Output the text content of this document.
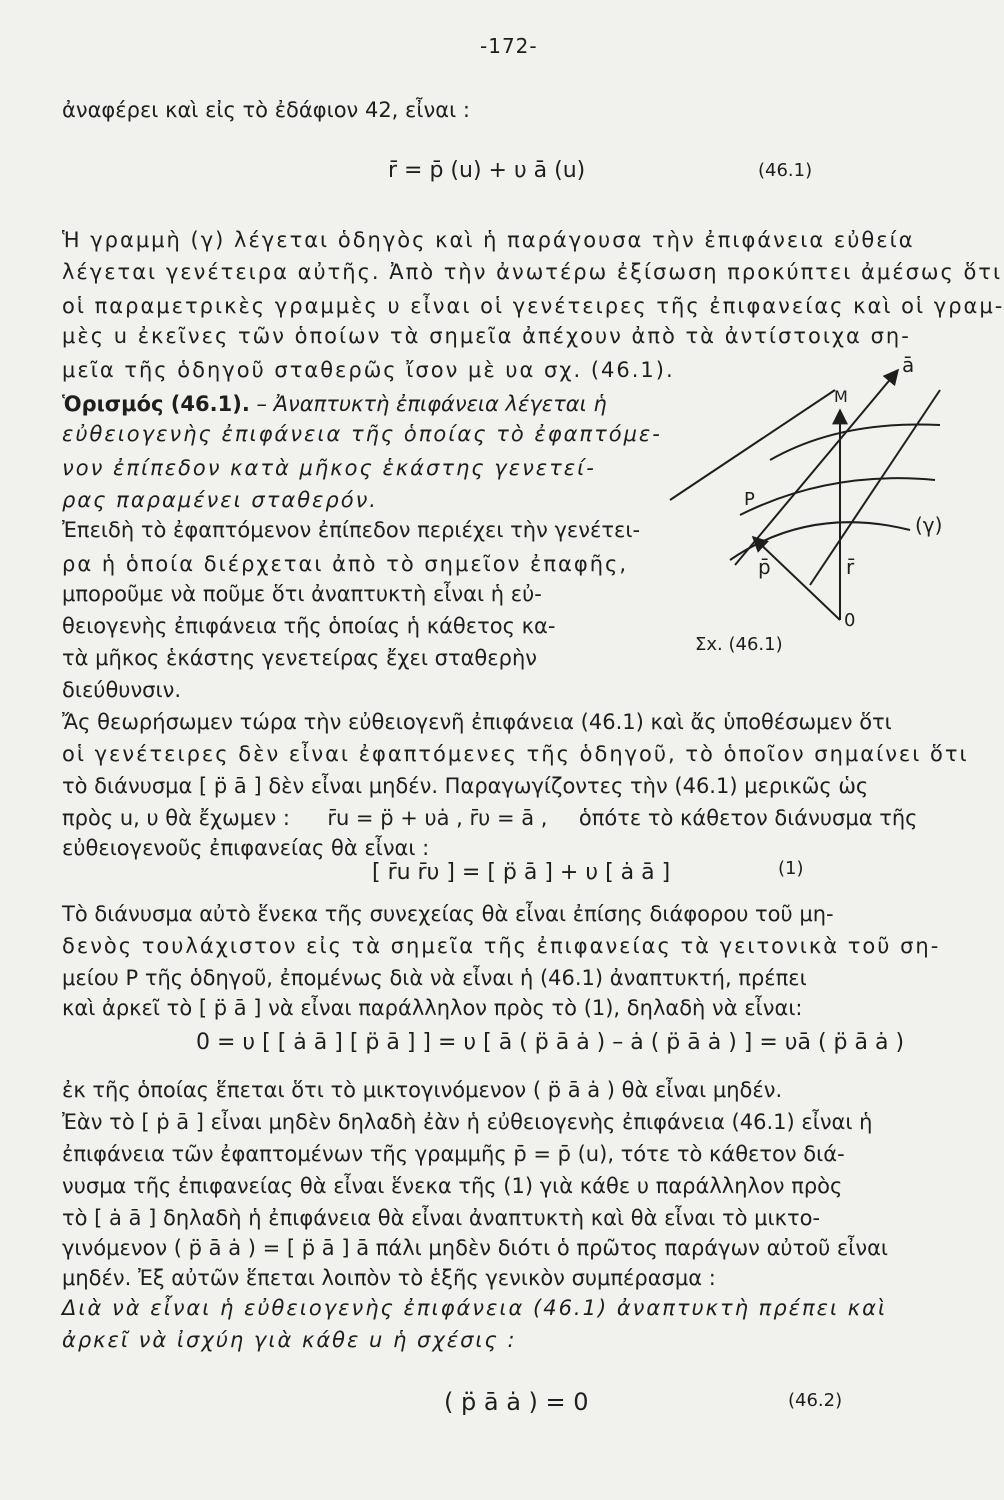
-172-
ἀναφέρει καὶ εἰς τὸ ἐδάφιον 42, εἶναι :
r̄ = p̄ (u) + υ ā (u)	(46.1)
Ἡ γραμμὴ (γ) λέγεται ὁδηγὸς καὶ ἡ παράγουσα τὴν ἐπιφάνεια εὐθεία
λέγεται γενέτειρα αὐτῆς. Ἀπὸ τὴν ἀνωτέρω ἐξίσωση προκύπτει ἀμέσως ὅτι
οἱ παραμετρικὲς γραμμὲς υ εἶναι οἱ γενέτειρες τῆς ἐπιφανείας καὶ οἱ γραμ-
μὲς u ἐκεῖνες τῶν ὁποίων τὰ σημεῖα ἀπέχουν ἀπὸ τὰ ἀντίστοιχα ση-
μεῖα τῆς ὁδηγοῦ σταθερῶς ἴσον μὲ υα σχ. (46.1).
Ὁρισμός (46.1). – Ἀναπτυκτὴ ἐπιφάνεια λέγεται ἡ
εὐθειογενὴς ἐπιφάνεια τῆς ὁποίας τὸ ἐφαπτόμε-
νον ἐπίπεδον κατὰ μῆκος ἑκάστης γενετεί-
ρας παραμένει σταθερόν.
Ἐπειδὴ τὸ ἐφαπτόμενον ἐπίπεδον περιέχει τὴν γενέτει-
ρα ἡ ὁποία διέρχεται ἀπὸ τὸ σημεῖον ἐπαφῆς,
μποροῦμε νὰ ποῦμε ὅτι ἀναπτυκτὴ εἶναι ἡ εὐ-
θειογενὴς ἐπιφάνεια τῆς ὁποίας ἡ κάθετος κα-
τὰ μῆκος ἑκάστης γενετείρας ἔχει σταθερὴν
διεύθυνσιν.
ā
M
P
(γ)
p̄	r̄
0
Σx. (46.1)
Ἄς θεωρήσωμεν τώρα τὴν εὐθειογενῆ ἐπιφάνεια (46.1) καὶ ἄς ὑποθέσωμεν ὅτι
οἱ γενέτειρες δὲν εἶναι ἐφαπτόμενες τῆς ὁδηγοῦ, τὸ ὁποῖον σημαίνει ὅτι
τὸ διάνυσμα [ p̈ ā ] δὲν εἶναι μηδέν. Παραγωγίζοντες τὴν (46.1) μερικῶς ὡς
πρὸς u, υ θὰ ἔχωμεν : r̄u = p̈ + υȧ , r̄υ = ā , ὁπότε τὸ κάθετον διάνυσμα τῆς
εὐθειογενοῦς ἐπιφανείας θὰ εἶναι :
[ r̄u r̄υ ] = [ p̈ ā ] + υ [ ȧ ā ]	(1)
Τὸ διάνυσμα αὐτὸ ἕνεκα τῆς συνεχείας θὰ εἶναι ἐπίσης διάφορου τοῦ μη-
δενὸς τουλάχιστον εἰς τὰ σημεῖα τῆς ἐπιφανείας τὰ γειτονικὰ τοῦ ση-
μείου P τῆς ὁδηγοῦ, ἐπομένως διὰ νὰ εἶναι ἡ (46.1) ἀναπτυκτή, πρέπει
καὶ ἀρκεῖ τὸ [ p̈ ā ] νὰ εἶναι παράλληλον πρὸς τὸ (1), δηλαδὴ νὰ εἶναι:
0 = υ [ [ ȧ ā ] [ p̈ ā ] ] = υ [ ā ( p̈ ā ȧ ) – ȧ ( p̈ ā ȧ ) ] = υā ( p̈ ā ȧ )
ἐκ τῆς ὁποίας ἕπεται ὅτι τὸ μικτογινόμενον ( p̈ ā ȧ ) θὰ εἶναι μηδέν.
Ἐὰν τὸ [ ṗ ā ] εἶναι μηδὲν δηλαδὴ ἐὰν ἡ εὐθειογενὴς ἐπιφάνεια (46.1) εἶναι ἡ
ἐπιφάνεια τῶν ἐφαπτομένων τῆς γραμμῆς p̄ = p̄ (u), τότε τὸ κάθετον διά-
νυσμα τῆς ἐπιφανείας θὰ εἶναι ἕνεκα τῆς (1) γιὰ κάθε υ παράλληλον πρὸς
τὸ [ ȧ ā ] δηλαδὴ ἡ ἐπιφάνεια θὰ εἶναι ἀναπτυκτὴ καὶ θὰ εἶναι τὸ μικτο-
γινόμενον ( p̈ ā ȧ ) = [ p̈ ā ] ā πάλι μηδὲν διότι ὁ πρῶτος παράγων αὐτοῦ εἶναι
μηδέν. Ἐξ αὐτῶν ἕπεται λοιπὸν τὸ ἑξῆς γενικὸν συμπέρασμα :
Διὰ νὰ εἶναι ἡ εὐθειογενὴς ἐπιφάνεια (46.1) ἀναπτυκτὴ πρέπει καὶ
ἀρκεῖ νὰ ἰσχύη γιὰ κάθε u ἡ σχέσις :
( p̈ ā ȧ ) = 0	(46.2)
